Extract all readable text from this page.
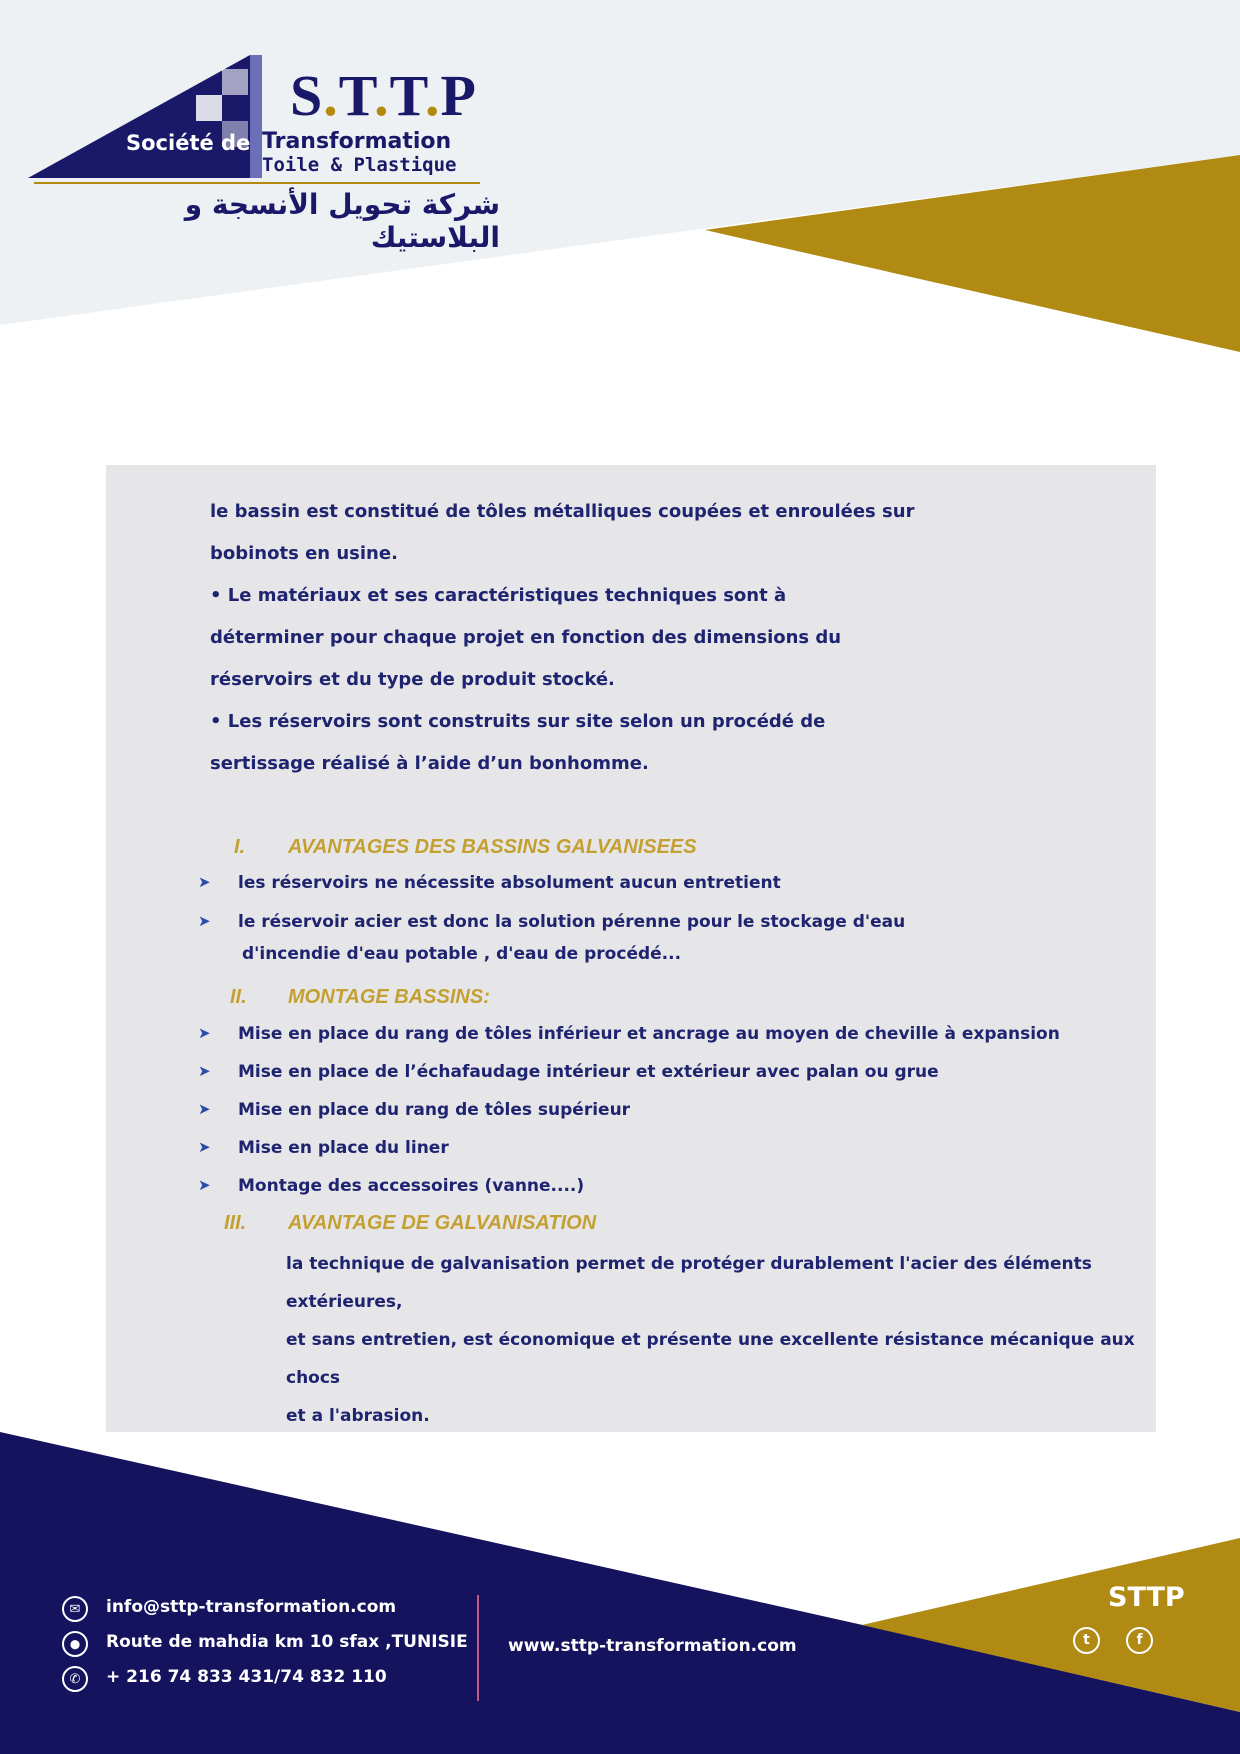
S.T.T.P
Société de Transformation
Toile & Plastique
شركة تحويل الأنسجة و البلاستيك

le bassin est constitué de tôles métalliques coupées et enroulées sur

bobinots en usine.

• Le matériaux et ses caractéristiques techniques sont à

déterminer pour chaque projet en fonction des dimensions du

réservoirs et du type de produit stocké.

• Les réservoirs sont construits sur site selon un procédé de

sertissage réalisé à l’aide d’un bonhomme.

I. AVANTAGES DES BASSINS GALVANISEES
➤ les réservoirs ne nécessite absolument aucun entretient
➤ le réservoir acier est donc la solution pérenne pour le stockage d'eau
d'incendie d'eau potable , d'eau de procédé...
II. MONTAGE BASSINS:
➤ Mise en place du rang de tôles inférieur et ancrage au moyen de cheville à expansion
➤ Mise en place de l’échafaudage intérieur et extérieur avec palan ou grue
➤ Mise en place du rang de tôles supérieur
➤ Mise en place du liner
➤ Montage des accessoires (vanne....)
III. AVANTAGE DE GALVANISATION

la technique de galvanisation permet de protéger durablement l'acier des éléments

extérieures,

et sans entretien, est économique et présente une excellente résistance mécanique aux

chocs

et a l'abrasion.

✉	info@sttp-transformation.com
⬤	Route de mahdia km 10 sfax ,TUNISIE
✆	+ 216 74 833 431/74 832 110
www.sttp-transformation.com
STTP
t	f
